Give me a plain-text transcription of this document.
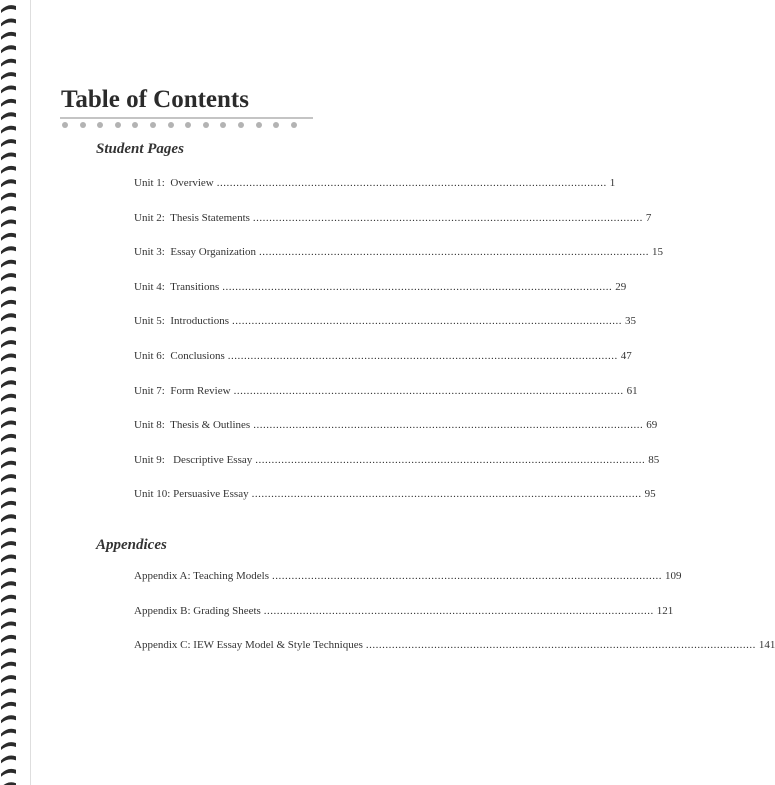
Table of Contents
Student Pages
Unit 1:  Overview ........................................................................................................................ 1
Unit 2:  Thesis Statements ........................................................................................................................ 7
Unit 3:  Essay Organization ........................................................................................................................ 15
Unit 4:  Transitions ........................................................................................................................ 29
Unit 5:  Introductions ........................................................................................................................ 35
Unit 6:  Conclusions ........................................................................................................................ 47
Unit 7:  Form Review ........................................................................................................................ 61
Unit 8:  Thesis & Outlines ........................................................................................................................ 69
Unit 9:   Descriptive Essay ........................................................................................................................ 85
Unit 10: Persuasive Essay ........................................................................................................................ 95
Appendices
Appendix A: Teaching Models ........................................................................................................................ 109
Appendix B: Grading Sheets ........................................................................................................................ 121
Appendix C: IEW Essay Model & Style Techniques ........................................................................................................................ 141
